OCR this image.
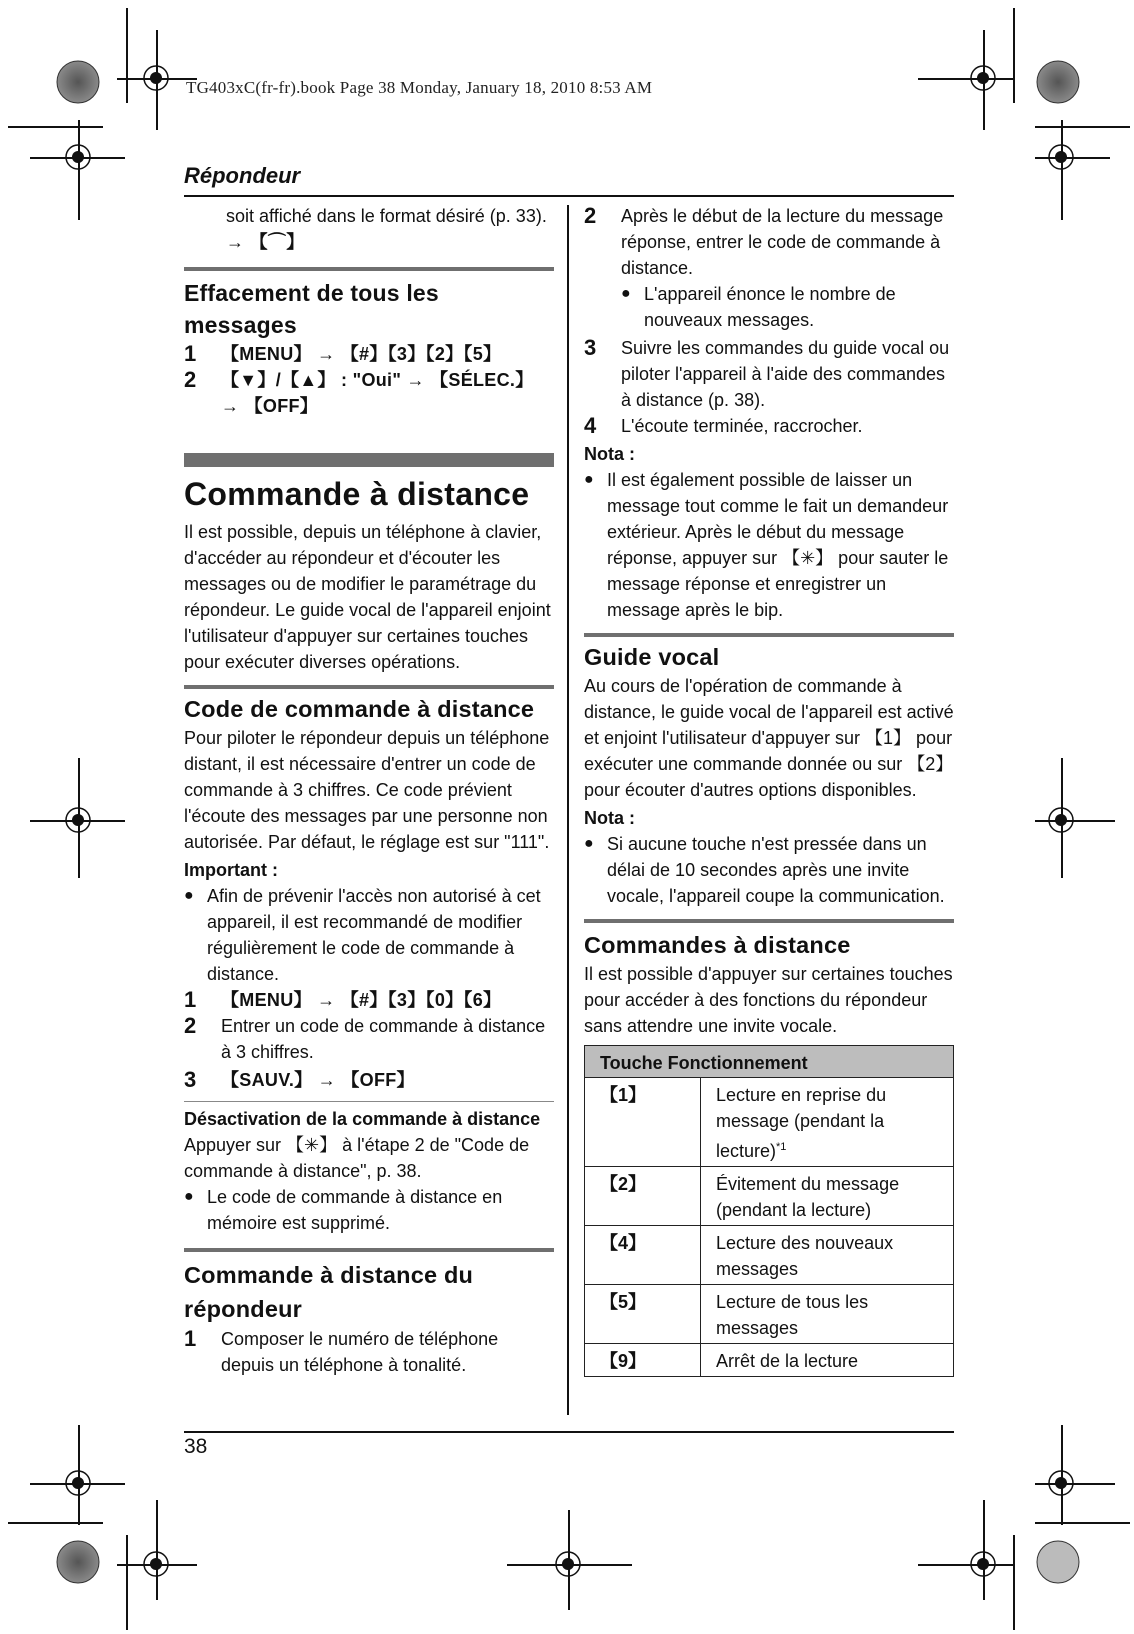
TG403xC(fr-fr).book Page 38 Monday, January 18, 2010 8:53 AM
Répondeur

soit affiché dans le format désiré (p. 33).

→ 【⌒】

Effacement de tous les messages

1	【MENU】 → 【#】【3】【2】【5】
2	【▼】/【▲】 : "Oui" → 【SÉLEC.】 → 【OFF】

Commande à distance

Il est possible, depuis un téléphone à clavier, d'accéder au répondeur et d'écouter les messages ou de modifier le paramétrage du répondeur. Le guide vocal de l'appareil enjoint l'utilisateur d'appuyer sur certaines touches pour exécuter diverses opérations.

Code de commande à distance

Pour piloter le répondeur depuis un téléphone distant, il est nécessaire d'entrer un code de commande à 3 chiffres. Ce code prévient l'écoute des messages par une personne non autorisée. Par défaut, le réglage est sur "111".

Important :

● Afin de prévenir l'accès non autorisé à cet appareil, il est recommandé de modifier régulièrement le code de commande à distance.
1	【MENU】 → 【#】【3】【0】【6】
2	Entrer un code de commande à distance à 3 chiffres.
3	【SAUV.】 → 【OFF】

Désactivation de la commande à distance

Appuyer sur 【✳】 à l'étape 2 de "Code de commande à distance", p. 38.

● Le code de commande à distance en mémoire est supprimé.

Commande à distance du répondeur

1	Composer le numéro de téléphone depuis un téléphone à tonalité.
2	Après le début de la lecture du message réponse, entrer le code de commande à distance.
● L'appareil énonce le nombre de nouveaux messages.
3	Suivre les commandes du guide vocal ou piloter l'appareil à l'aide des commandes à distance (p. 38).
4	L'écoute terminée, raccrocher.

Nota :

● Il est également possible de laisser un message tout comme le fait un demandeur extérieur. Après le début du message réponse, appuyer sur 【✳】 pour sauter le message réponse et enregistrer un message après le bip.

Guide vocal

Au cours de l'opération de commande à distance, le guide vocal de l'appareil est activé et enjoint l'utilisateur d'appuyer sur 【1】 pour exécuter une commande donnée ou sur 【2】 pour écouter d'autres options disponibles.

Nota :

● Si aucune touche n'est pressée dans un délai de 10 secondes après une invite vocale, l'appareil coupe la communication.

Commandes à distance

Il est possible d'appuyer sur certaines touches pour accéder à des fonctions du répondeur sans attendre une invite vocale.

Touche Fonctionnement	
【1】	Lecture en reprise du message (pendant la lecture)$^{*1}$
【2】	Évitement du message (pendant la lecture)
【4】	Lecture des nouveaux messages
【5】	Lecture de tous les messages
【9】	Arrêt de la lecture
38
